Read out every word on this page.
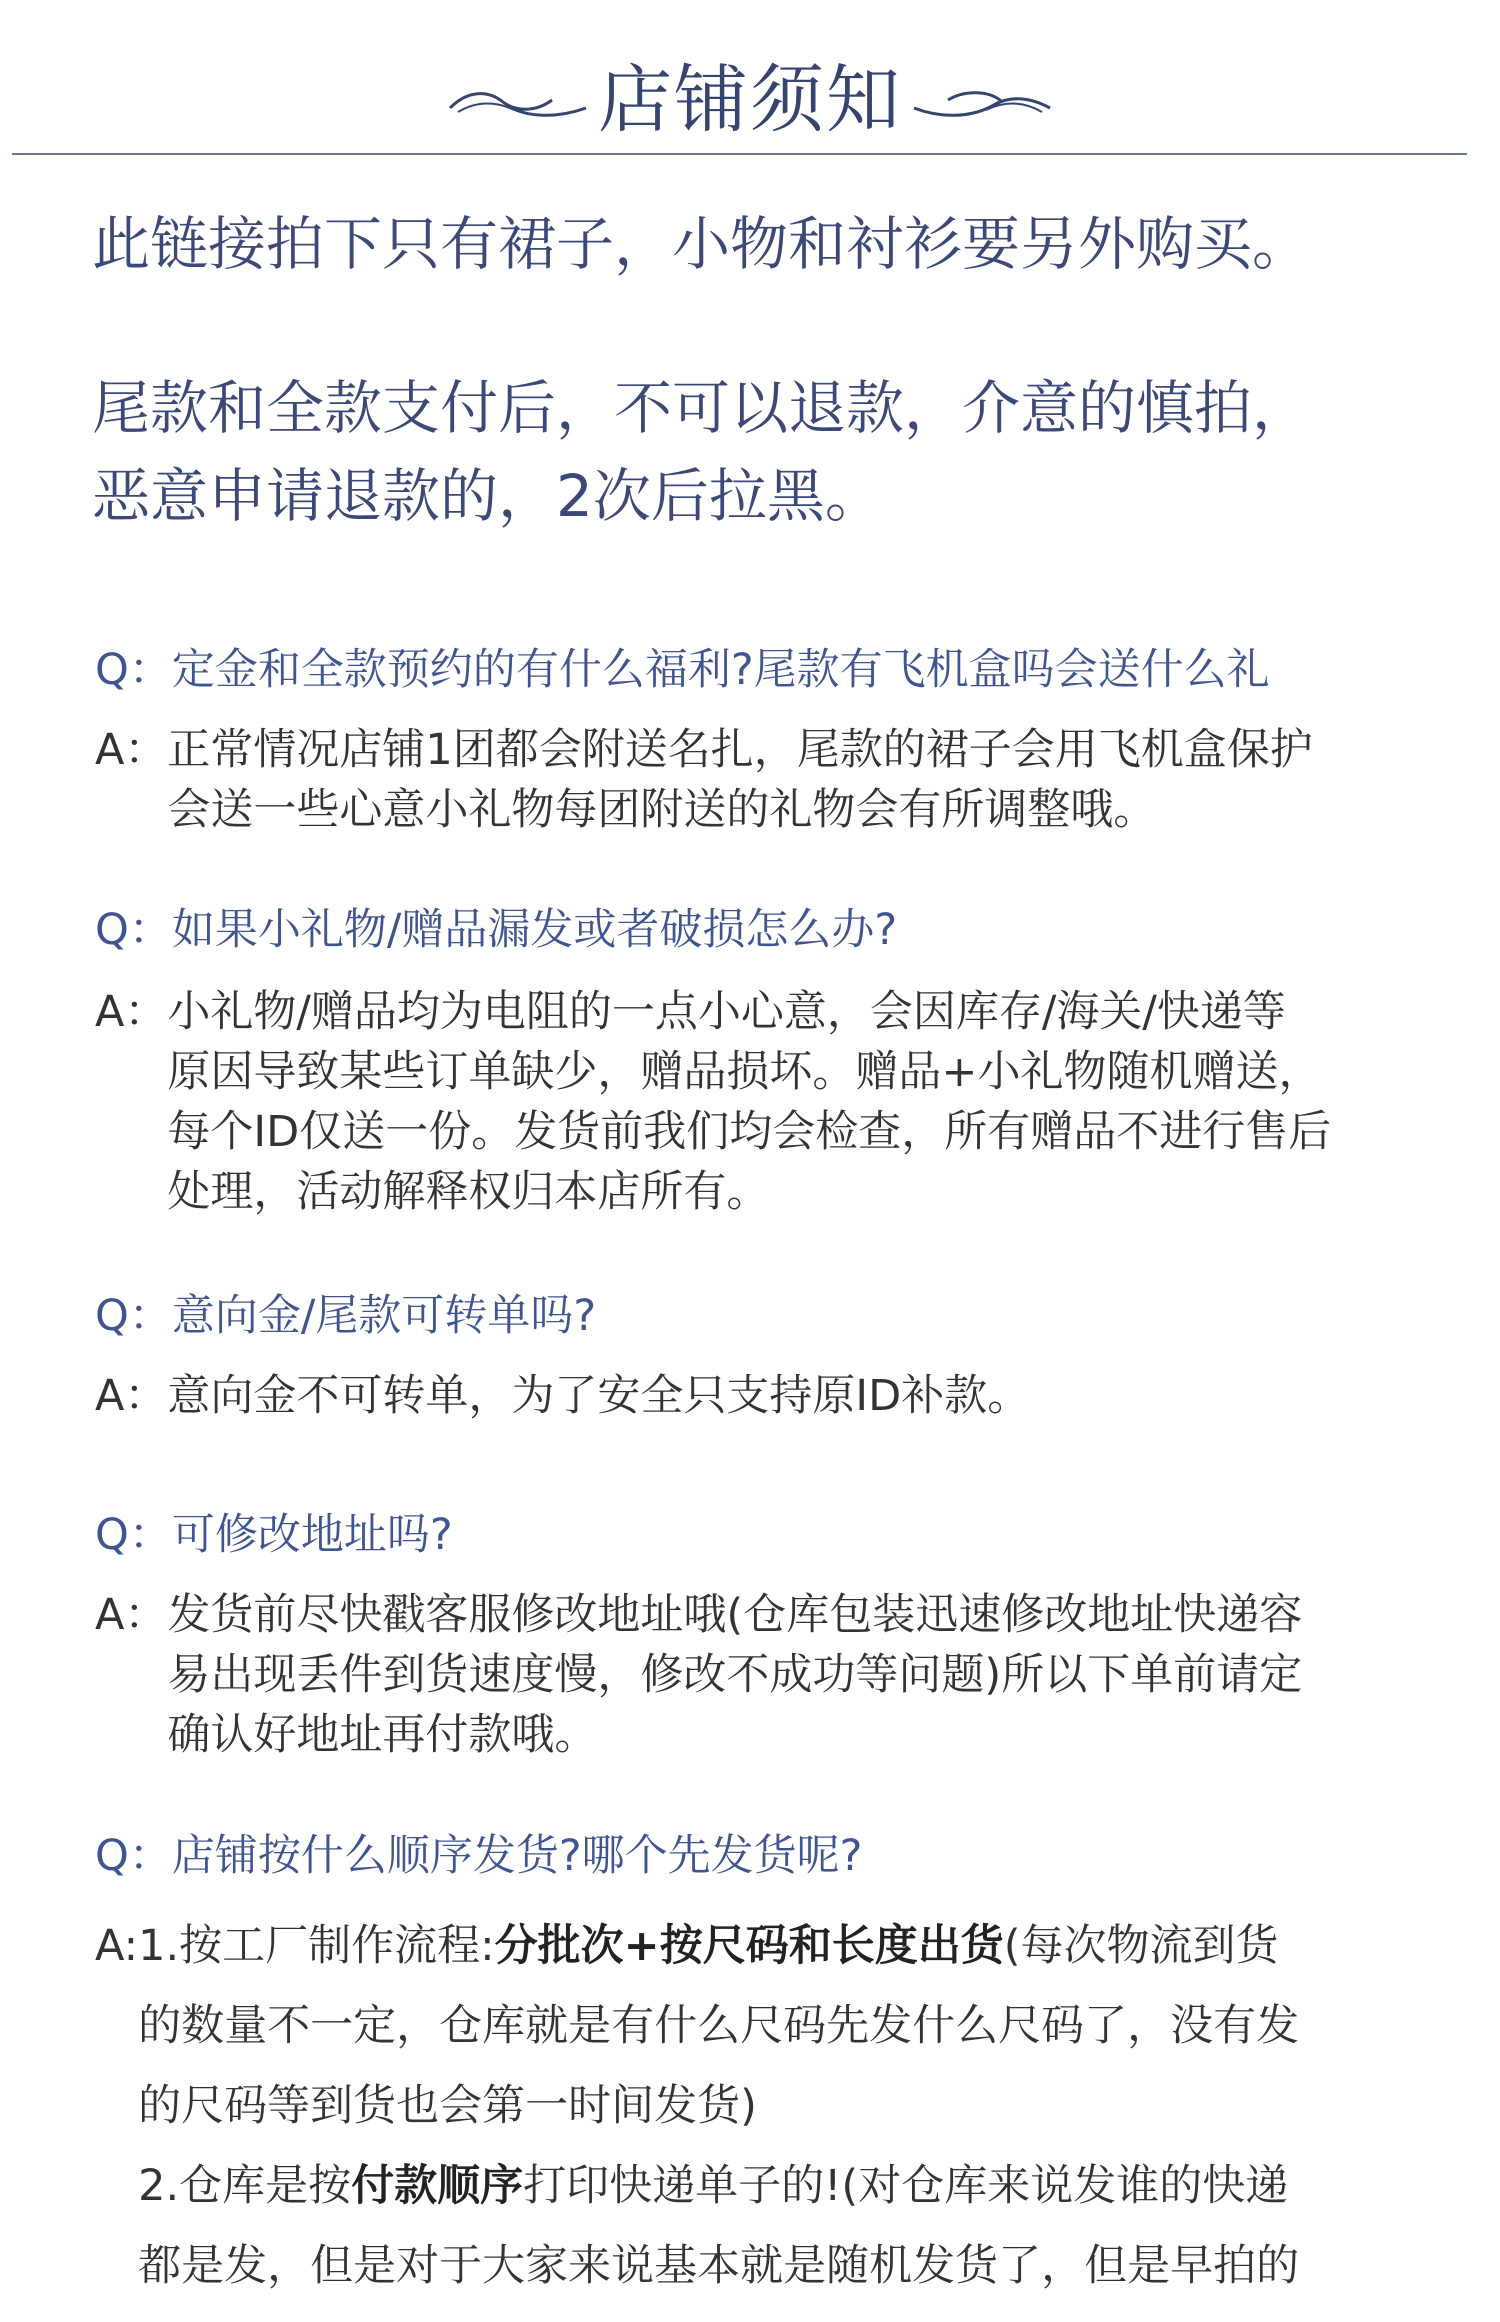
店铺须知

此链接拍下只有裙子，小物和衬衫要另外购买。

尾款和全款支付后，不可以退款，介意的慎拍，
恶意申请退款的，2次后拉黑。

Q：定金和全款预约的有什么福利?尾款有飞机盒吗会送什么礼

A： 正常情况店铺1团都会附送名扎，尾款的裙子会用飞机盒保护
会送一些心意小礼物每团附送的礼物会有所调整哦。

Q：如果小礼物/赠品漏发或者破损怎么办?

A： 小礼物/赠品均为电阻的一点小心意，会因库存/海关/快递等
原因导致某些订单缺少，赠品损坏。赠品+小礼物随机赠送，
每个ID仅送一份。发货前我们均会检查，所有赠品不进行售后
处理，活动解释权归本店所有。

Q：意向金/尾款可转单吗?

A： 意向金不可转单，为了安全只支持原ID补款。

Q：可修改地址吗?

A： 发货前尽快戳客服修改地址哦(仓库包装迅速修改地址快递容
易出现丢件到货速度慢，修改不成功等问题)所以下单前请定
确认好地址再付款哦。

Q：店铺按什么顺序发货?哪个先发货呢?

A: 1.按工厂制作流程:分批次+按尺码和长度出货(每次物流到货
的数量不一定，仓库就是有什么尺码先发什么尺码了，没有发
的尺码等到货也会第一时间发货)
2.仓库是按付款顺序打印快递单子的!(对仓库来说发谁的快递
都是发，但是对于大家来说基本就是随机发货了，但是早拍的
